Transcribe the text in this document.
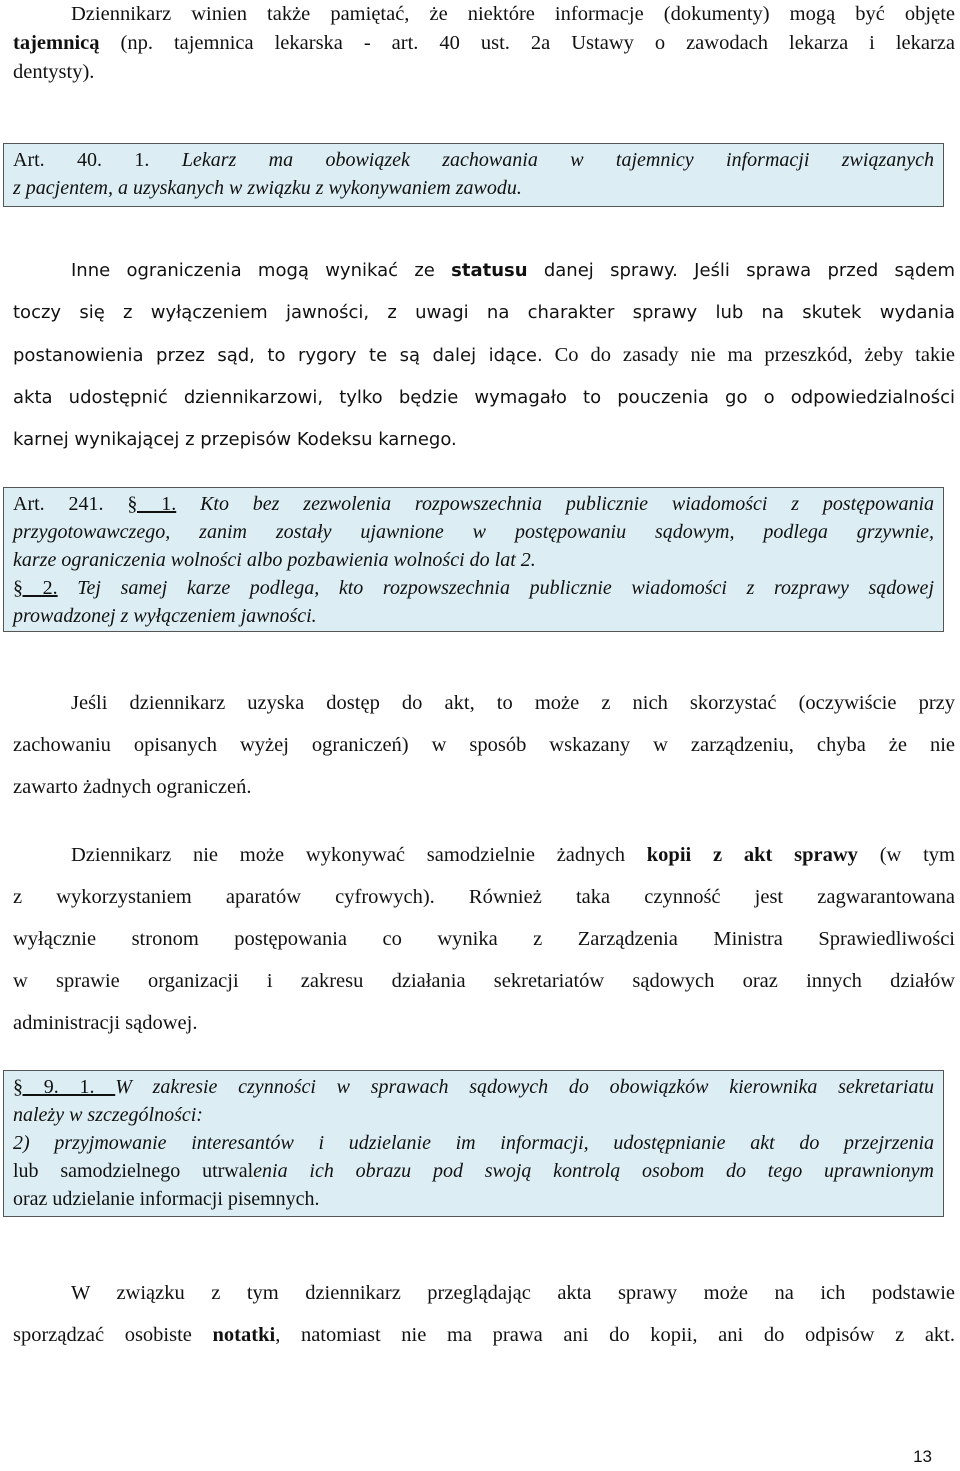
Dziennikarz winien także pamiętać, że niektóre informacje (dokumenty) mogą być objęte
tajemnicą (np. tajemnica lekarska - art. 40 ust. 2a Ustawy o zawodach lekarza i lekarza
dentysty).
Art. 40. 1. Lekarz ma obowiązek zachowania w tajemnicy informacji związanych
z pacjentem, a uzyskanych w związku z wykonywaniem zawodu.
Inne ograniczenia mogą wynikać ze statusu danej sprawy. Jeśli sprawa przed sądem
toczy się z wyłączeniem jawności, z uwagi na charakter sprawy lub na skutek wydania
postanowienia przez sąd, to rygory te są dalej idące. Co do zasady nie ma przeszkód, żeby takie
akta udostępnić dziennikarzowi, tylko będzie wymagało to pouczenia go o odpowiedzialności
karnej wynikającej z przepisów Kodeksu karnego.
Art. 241. § 1. Kto bez zezwolenia rozpowszechnia publicznie wiadomości z postępowania
przygotowawczego, zanim zostały ujawnione w postępowaniu sądowym, podlega grzywnie,
karze ograniczenia wolności albo pozbawienia wolności do lat 2.
§ 2. Tej samej karze podlega, kto rozpowszechnia publicznie wiadomości z rozprawy sądowej
prowadzonej z wyłączeniem jawności.
Jeśli dziennikarz uzyska dostęp do akt, to może z nich skorzystać (oczywiście przy
zachowaniu opisanych wyżej ograniczeń) w sposób wskazany w zarządzeniu, chyba że nie
zawarto żadnych ograniczeń.
Dziennikarz nie może wykonywać samodzielnie żadnych kopii z akt sprawy (w tym
z wykorzystaniem aparatów cyfrowych). Również taka czynność jest zagwarantowana
wyłącznie stronom postępowania co wynika z Zarządzenia Ministra Sprawiedliwości
w sprawie organizacji i zakresu działania sekretariatów sądowych oraz innych działów
administracji sądowej.
§ 9. 1. W zakresie czynności w sprawach sądowych do obowiązków kierownika sekretariatu
należy w szczególności:
2) przyjmowanie interesantów i udzielanie im informacji, udostępnianie akt do przejrzenia
lub samodzielnego utrwalenia ich obrazu pod swoją kontrolą osobom do tego uprawnionym
oraz udzielanie informacji pisemnych.
W związku z tym dziennikarz przeglądając akta sprawy może na ich podstawie
sporządzać osobiste notatki, natomiast nie ma prawa ani do kopii, ani do odpisów z akt.
13
